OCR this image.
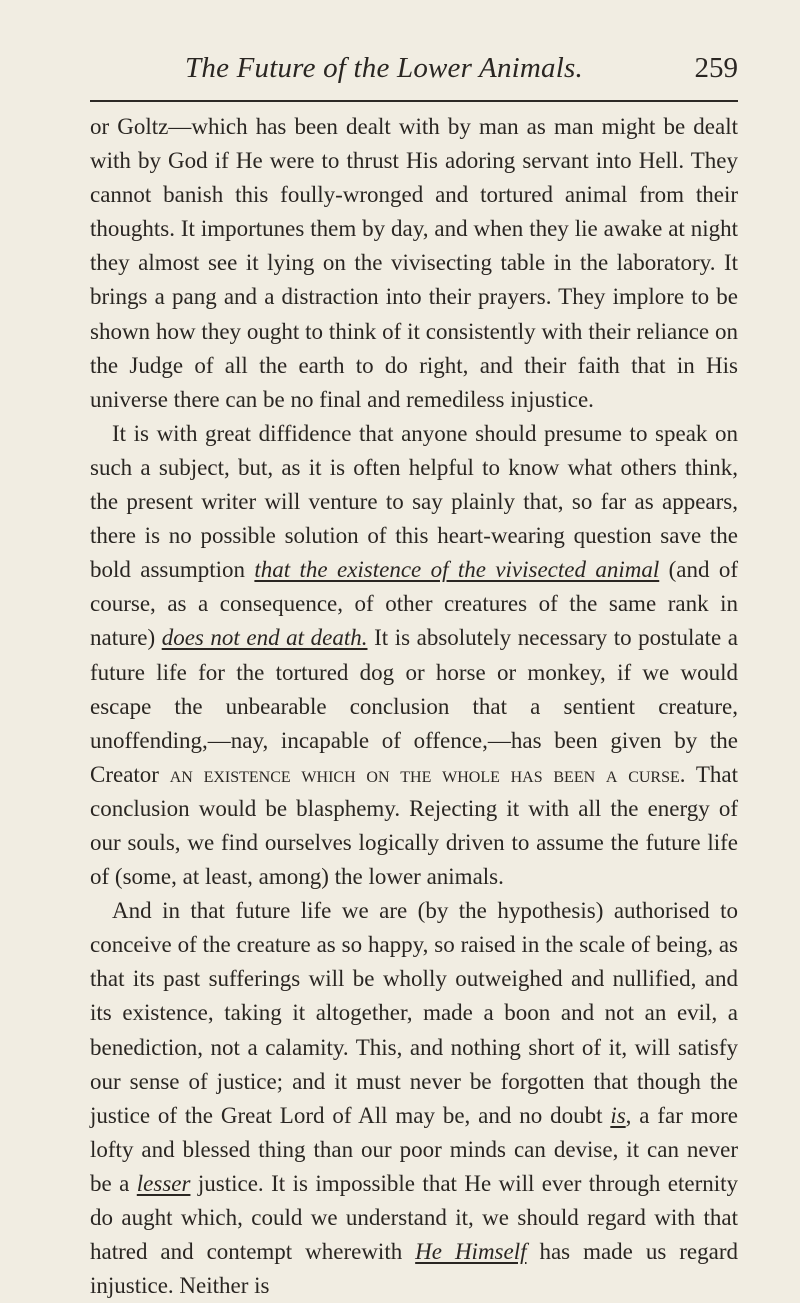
The Future of the Lower Animals.	259

or Goltz—which has been dealt with by man as man might be dealt with by God if He were to thrust His adoring servant into Hell. They cannot banish this foully-wronged and tortured animal from their thoughts. It importunes them by day, and when they lie awake at night they almost see it lying on the vivisecting table in the laboratory. It brings a pang and a distraction into their prayers. They implore to be shown how they ought to think of it consistently with their reliance on the Judge of all the earth to do right, and their faith that in His universe there can be no final and remediless injustice.

It is with great diffidence that anyone should presume to speak on such a subject, but, as it is often helpful to know what others think, the present writer will venture to say plainly that, so far as appears, there is no possible solution of this heart-wearing question save the bold assumption that the existence of the vivisected animal (and of course, as a consequence, of other creatures of the same rank in nature) does not end at death. It is absolutely necessary to postulate a future life for the tortured dog or horse or monkey, if we would escape the unbearable conclusion that a sentient creature, unoffending,—nay, incapable of offence,—has been given by the Creator an existence which on the whole has been a curse. That conclusion would be blasphemy. Rejecting it with all the energy of our souls, we find ourselves logically driven to assume the future life of (some, at least, among) the lower animals.

And in that future life we are (by the hypothesis) authorised to conceive of the creature as so happy, so raised in the scale of being, as that its past sufferings will be wholly outweighed and nullified, and its existence, taking it altogether, made a boon and not an evil, a benediction, not a calamity. This, and nothing short of it, will satisfy our sense of justice; and it must never be forgotten that though the justice of the Great Lord of All may be, and no doubt is, a far more lofty and blessed thing than our poor minds can devise, it can never be a lesser justice. It is impossible that He will ever through eternity do aught which, could we understand it, we should regard with that hatred and contempt wherewith He Himself has made us regard injustice. Neither is
